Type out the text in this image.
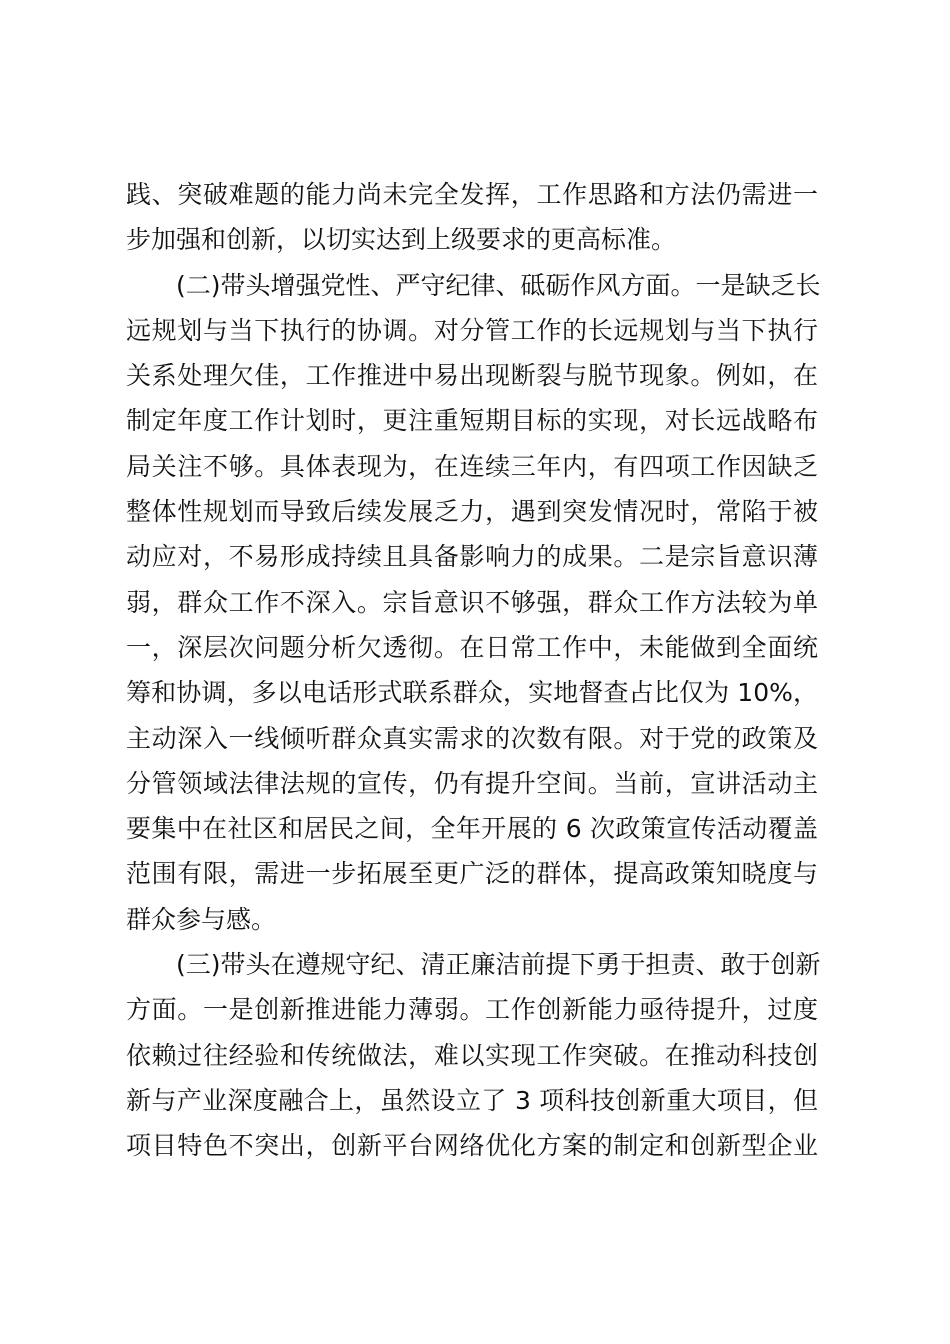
践、突破难题的能力尚未完全发挥，工作思路和方法仍需进一
步加强和创新，以切实达到上级要求的更高标准。
　　(二)带头增强党性、严守纪律、砥砺作风方面。一是缺乏长
远规划与当下执行的协调。对分管工作的长远规划与当下执行
关系处理欠佳，工作推进中易出现断裂与脱节现象。例如，在
制定年度工作计划时，更注重短期目标的实现，对长远战略布
局关注不够。具体表现为，在连续三年内，有四项工作因缺乏
整体性规划而导致后续发展乏力，遇到突发情况时，常陷于被
动应对，不易形成持续且具备影响力的成果。二是宗旨意识薄
弱，群众工作不深入。宗旨意识不够强，群众工作方法较为单
一，深层次问题分析欠透彻。在日常工作中，未能做到全面统
筹和协调，多以电话形式联系群众，实地督查占比仅为 10%，
主动深入一线倾听群众真实需求的次数有限。对于党的政策及
分管领域法律法规的宣传，仍有提升空间。当前，宣讲活动主
要集中在社区和居民之间，全年开展的 6 次政策宣传活动覆盖
范围有限，需进一步拓展至更广泛的群体，提高政策知晓度与
群众参与感。
　　(三)带头在遵规守纪、清正廉洁前提下勇于担责、敢于创新
方面。一是创新推进能力薄弱。工作创新能力亟待提升，过度
依赖过往经验和传统做法，难以实现工作突破。在推动科技创
新与产业深度融合上，虽然设立了 3 项科技创新重大项目，但
项目特色不突出，创新平台网络优化方案的制定和创新型企业
